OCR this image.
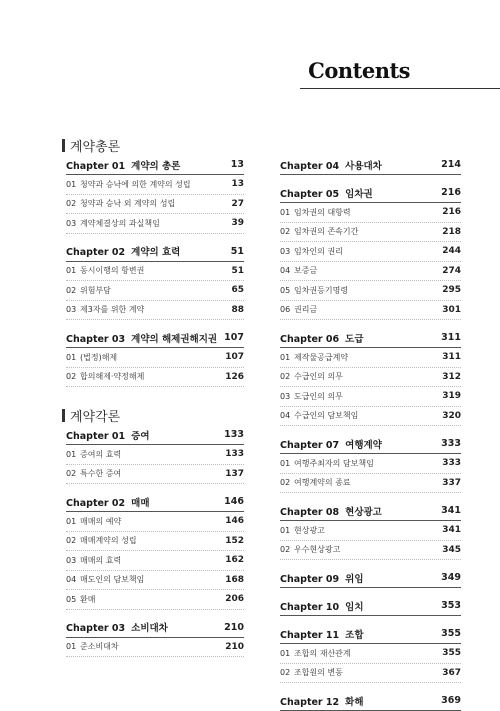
Contents
계약총론
Chapter 01 계약의 총론	13
01 청약과 승낙에 의한 계약의 성립	13
02 청약과 승낙 외 계약의 성립	27
03 계약체결상의 과실책임	39
Chapter 02 계약의 효력	51
01 동시이행의 항변권	51
02 위험부담	65
03 제3자를 위한 계약	88
Chapter 03 계약의 해제권해지권 107
01 (법정)해제	107
02 합의해제·약정해제	126
계약각론
Chapter 01 증여	133
01 증여의 효력	133
02 특수한 증여	137
Chapter 02 매매	146
01 매매의 예약	146
02 매매계약의 성립	152
03 매매의 효력	162
04 매도인의 담보책임	168
05 환매	206
Chapter 03 소비대차	210
01 준소비대차	210
Chapter 04 사용대차	214
Chapter 05 임차권	216
01 임차권의 대항력	216
02 임차권의 존속기간	218
03 임차인의 권리	244
04 보증금	274
05 임차권등기명령	295
06 권리금	301
Chapter 06 도급	311
01 제작물공급계약	311
02 수급인의 의무	312
03 도급인의 의무	319
04 수급인의 담보책임	320
Chapter 07 여행계약	333
01 여행주최자의 담보책임	333
02 여행계약의 종료	337
Chapter 08 현상광고	341
01 현상광고	341
02 우수현상광고	345
Chapter 09 위임	349
Chapter 10 임치	353
Chapter 11 조합	355
01 조합의 재산관계	355
02 조합원의 변동	367
Chapter 12 화해	369
